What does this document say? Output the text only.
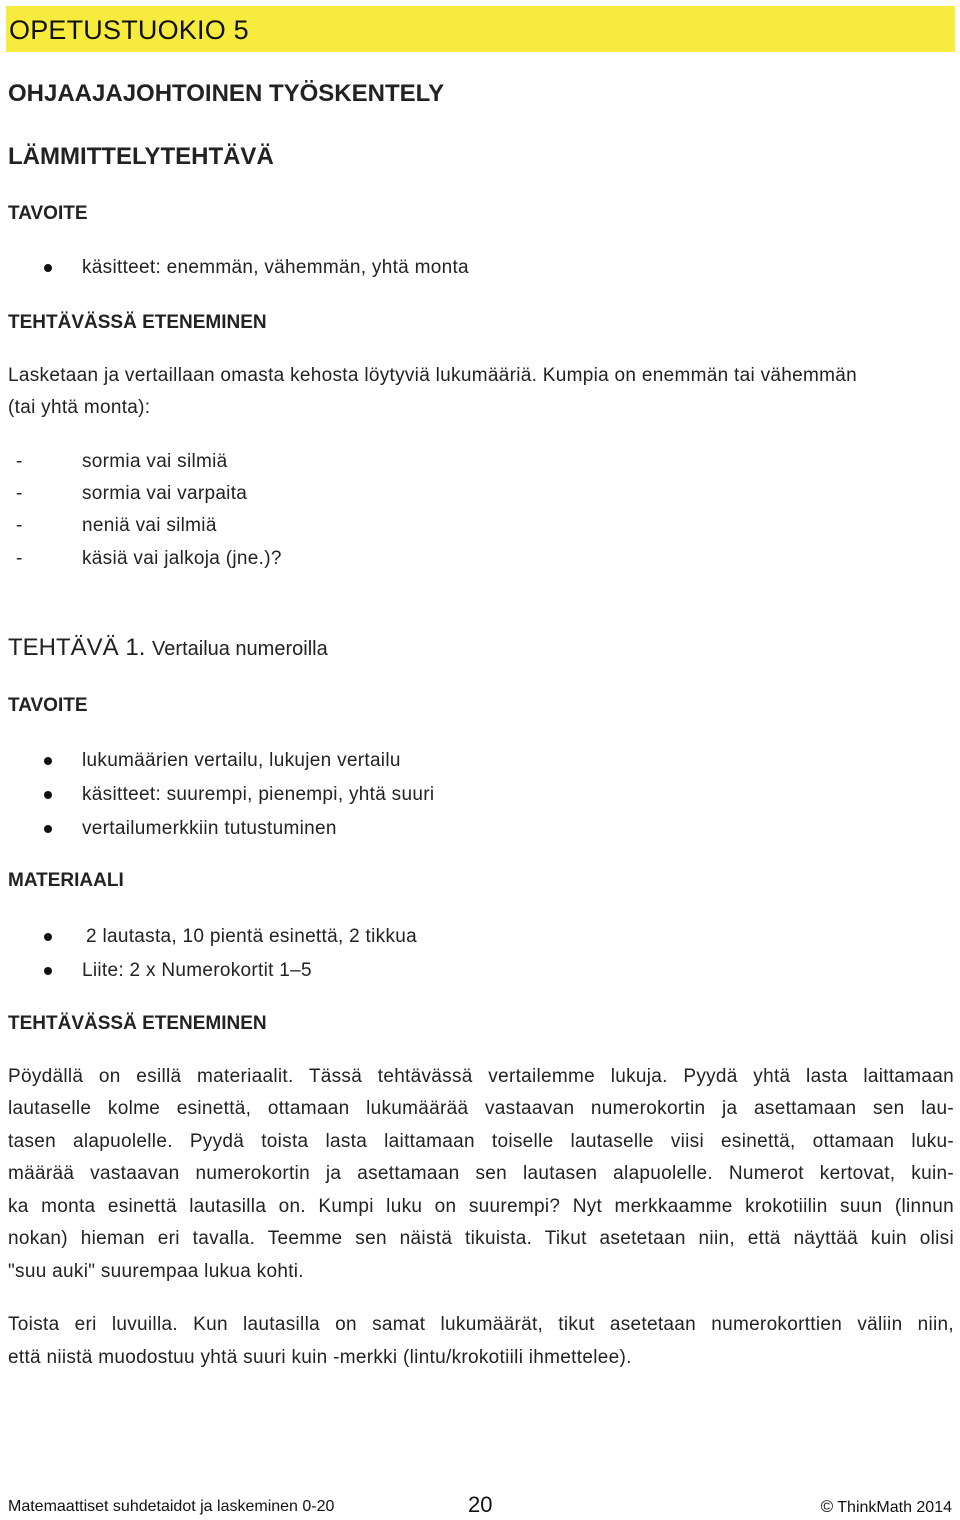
OPETUSTUOKIO 5
OHJAAJAJOHTOINEN TYÖSKENTELY
LÄMMITTELYTEHTÄVÄ
TAVOITE
käsitteet: enemmän, vähemmän, yhtä monta
TEHTÄVÄSSÄ ETENEMINEN
Lasketaan ja vertaillaan omasta kehosta löytyviä lukumääriä. Kumpia on enemmän tai vähemmän
(tai yhtä monta):
-	sormia vai silmiä
-	sormia vai varpaita
-	neniä vai silmiä
-	käsiä vai jalkoja (jne.)?
TEHTÄVÄ 1. Vertailua numeroilla
TAVOITE
lukumäärien vertailu, lukujen vertailu
käsitteet: suurempi, pienempi, yhtä suuri
vertailumerkkiin tutustuminen
MATERIAALI
2 lautasta, 10 pientä esinettä, 2 tikkua
Liite: 2 x Numerokortit 1–5
TEHTÄVÄSSÄ ETENEMINEN
Pöydällä on esillä materiaalit. Tässä tehtävässä vertailemme lukuja. Pyydä yhtä lasta laittamaan
lautaselle kolme esinettä, ottamaan lukumäärää vastaavan numerokortin ja asettamaan sen lau-
tasen alapuolelle. Pyydä toista lasta laittamaan toiselle lautaselle viisi esinettä, ottamaan luku-
määrää vastaavan numerokortin ja asettamaan sen lautasen alapuolelle. Numerot kertovat, kuin-
ka monta esinettä lautasilla on. Kumpi luku on suurempi? Nyt merkkaamme krokotiilin suun (linnun
nokan) hieman eri tavalla. Teemme sen näistä tikuista. Tikut asetetaan niin, että näyttää kuin olisi
"suu auki" suurempaa lukua kohti.
Toista eri luvuilla. Kun lautasilla on samat lukumäärät, tikut asetetaan numerokorttien väliin niin,
että niistä muodostuu yhtä suuri kuin -merkki (lintu/krokotiili ihmettelee).
Matemaattiset suhdetaidot ja laskeminen 0-20	20	© ThinkMath 2014
